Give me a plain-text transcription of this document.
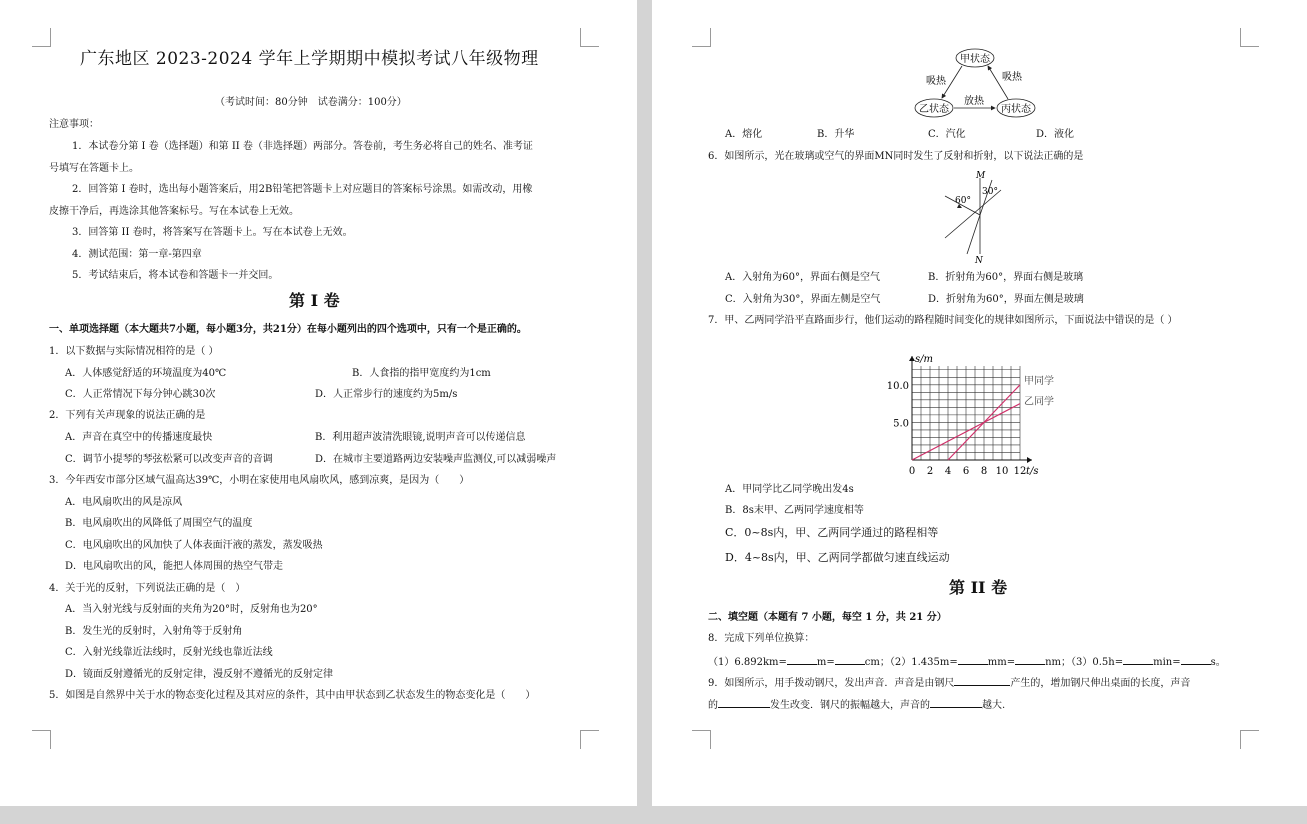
广东地区 2023-2024 学年上学期期中模拟考试八年级物理
（考试时间：80分钟　试卷满分：100分）
注意事项：
1．本试卷分第 I 卷（选择题）和第 II 卷（非选择题）两部分。答卷前，考生务必将自己的姓名、准考证
号填写在答题卡上。
2．回答第 I 卷时，选出每小题答案后，用2B铅笔把答题卡上对应题目的答案标号涂黑。如需改动，用橡
皮擦干净后，再选涂其他答案标号。写在本试卷上无效。
3．回答第 II 卷时，将答案写在答题卡上。写在本试卷上无效。
4．测试范围：第一章-第四章
5．考试结束后，将本试卷和答题卡一并交回。
第 I 卷
一、单项选择题（本大题共7小题，每小题3分，共21分）在每小题列出的四个选项中，只有一个是正确的。
1．以下数据与实际情况相符的是（ ）
A．人体感觉舒适的环境温度为40℃	B．人食指的指甲宽度约为1cm
C．人正常情况下每分钟心跳30次	D．人正常步行的速度约为5m/s
2．下列有关声现象的说法正确的是
A．声音在真空中的传播速度最快	B．利用超声波清洗眼镜,说明声音可以传递信息
C．调节小提琴的琴弦松紧可以改变声音的音调	D．在城市主要道路两边安装噪声监测仪,可以减弱噪声
3．今年西安市部分区域气温高达39℃，小明在家使用电风扇吹风，感到凉爽，是因为（　　）
A．电风扇吹出的风是凉风
B．电风扇吹出的风降低了周围空气的温度
C．电风扇吹出的风加快了人体表面汗液的蒸发，蒸发吸热
D．电风扇吹出的风，能把人体周围的热空气带走
4．关于光的反射，下列说法正确的是（　）
A．当入射光线与反射面的夹角为20°时，反射角也为20°
B．发生光的反射时，入射角等于反射角
C．入射光线靠近法线时，反射光线也靠近法线
D．镜面反射遵循光的反射定律，漫反射不遵循光的反射定律
5．如图是自然界中关于水的物态变化过程及其对应的条件，其中由甲状态到乙状态发生的物态变化是（　　）
甲状态
乙状态	丙状态
吸热	吸热
放热
A．熔化	B．升华	C．汽化	D．液化
6．如图所示，光在玻璃或空气的界面MN同时发生了反射和折射，以下说法正确的是
M
N
30°
60°
A．入射角为60°，界面右侧是空气	B．折射角为60°，界面右侧是玻璃
C．入射角为30°，界面左侧是空气	D．折射角为60°，界面左侧是玻璃
7．甲、乙两同学沿平直路面步行，他们运动的路程随时间变化的规律如图所示，下面说法中错误的是（ ）
s/m
t/s
甲同学
乙同学
0 2 4 6 8 10 12
5.0
10.0
A．甲同学比乙同学晚出发4s
B．8s末甲、乙两同学速度相等
C．0~8s内，甲、乙两同学通过的路程相等
D．4~8s内，甲、乙两同学都做匀速直线运动
第 II 卷
二、填空题（本题有 7 小题，每空 1 分，共 21 分）
8．完成下列单位换算：
（1）6.892km=	m=	cm；（2）1.435m=	mm=	nm；（3）0.5h=	min=	s。
9．如图所示，用手拨动钢尺，发出声音．声音是由钢尺	产生的，增加钢尺伸出桌面的长度，声音
的	发生改变．钢尺的振幅越大，声音的	越大.
